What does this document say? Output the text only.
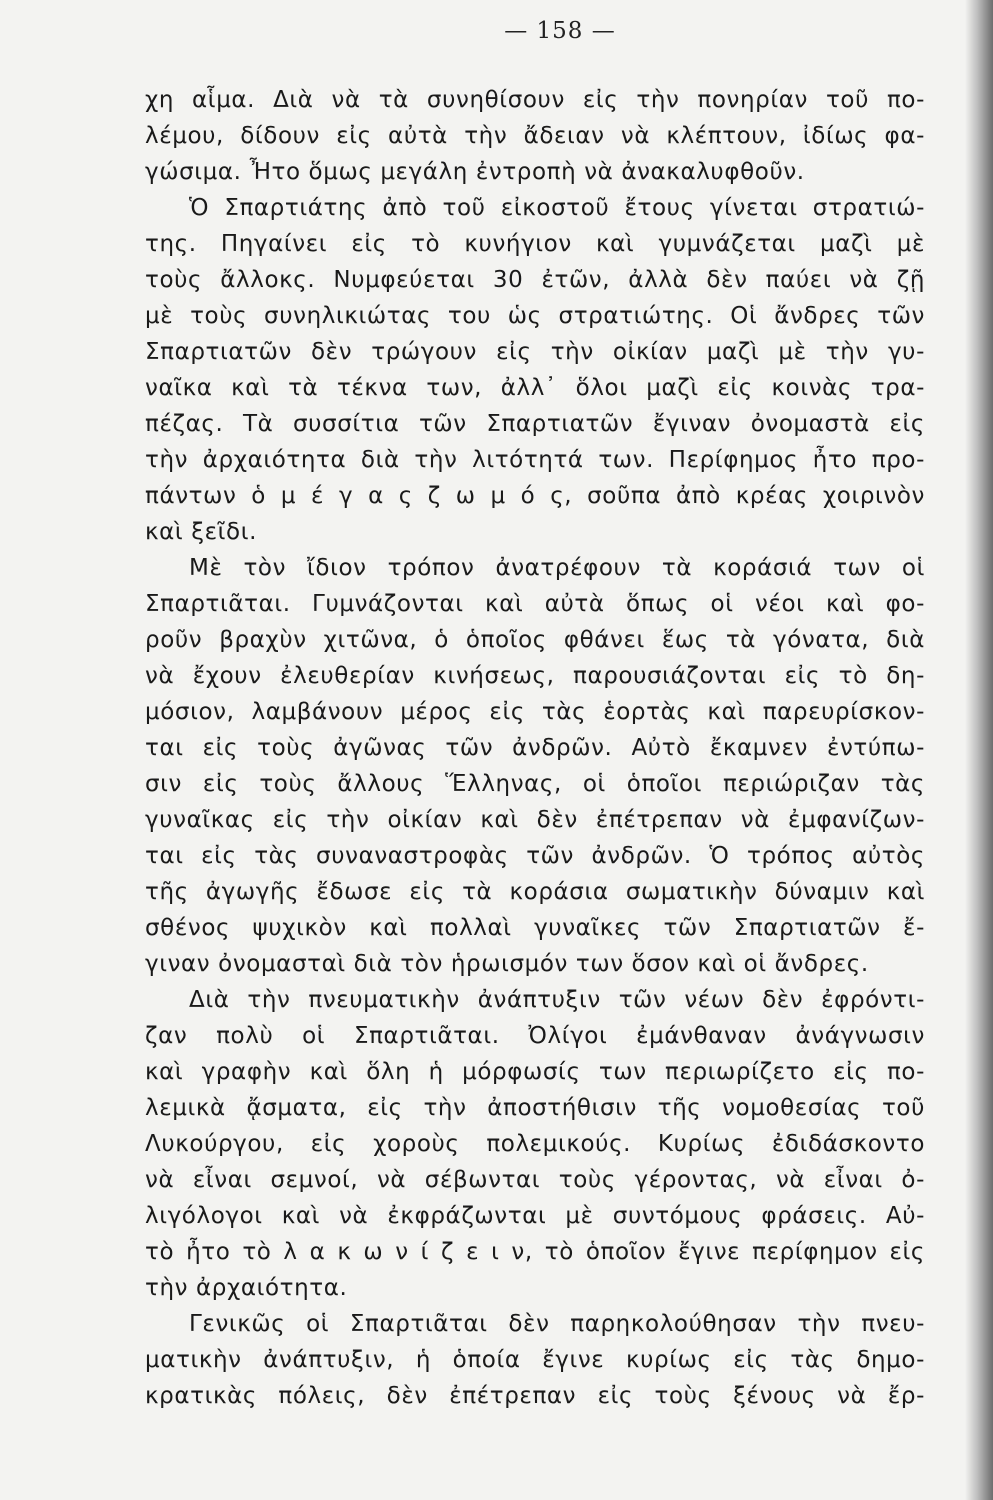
— 158 —
χη αἷμα. Διὰ νὰ τὰ συνηθίσουν εἰς τὴν πονηρίαν τοῦ πο-
λέμου, δίδουν εἰς αὐτὰ τὴν ἄδειαν νὰ κλέπτουν, ἰδίως φα-
γώσιμα. Ἦτο ὅμως μεγάλη ἐντροπὴ νὰ ἀνακαλυφθοῦν.
Ὁ Σπαρτιάτης ἀπὸ τοῦ εἰκοστοῦ ἔτους γίνεται στρατιώ-
της. Πηγαίνει εἰς τὸ κυνήγιον καὶ γυμνάζεται μαζὶ μὲ
τοὺς ἄλλοκς. Νυμφεύεται 30 ἐτῶν, ἀλλὰ δὲν παύει νὰ ζῇ
μὲ τοὺς συνηλικιώτας του ὡς στρατιώτης. Οἱ ἄνδρες τῶν
Σπαρτιατῶν δὲν τρώγουν εἰς τὴν οἰκίαν μαζὶ μὲ τὴν γυ-
ναῖκα καὶ τὰ τέκνα των, ἀλλ᾽ ὅλοι μαζὶ εἰς κοινὰς τρα-
πέζας. Τὰ συσσίτια τῶν Σπαρτιατῶν ἔγιναν ὀνομαστὰ εἰς
τὴν ἀρχαιότητα διὰ τὴν λιτότητά των. Περίφημος ἦτο προ-
πάντων ὁ μ έ γ α ς ζ ω μ ό ς, σοῦπα ἀπὸ κρέας χοιρινὸν
καὶ ξεῖδι.
Μὲ τὸν ἴδιον τρόπον ἀνατρέφουν τὰ κοράσιά των οἱ
Σπαρτιᾶται. Γυμνάζονται καὶ αὐτὰ ὅπως οἱ νέοι καὶ φο-
ροῦν βραχὺν χιτῶνα, ὁ ὁποῖος φθάνει ἕως τὰ γόνατα, διὰ
νὰ ἔχουν ἐλευθερίαν κινήσεως, παρουσιάζονται εἰς τὸ δη-
μόσιον, λαμβάνουν μέρος εἰς τὰς ἑορτὰς καὶ παρευρίσκον-
ται εἰς τοὺς ἀγῶνας τῶν ἀνδρῶν. Αὐτὸ ἔκαμνεν ἐντύπω-
σιν εἰς τοὺς ἄλλους Ἕλληνας, οἱ ὁποῖοι περιώριζαν τὰς
γυναῖκας εἰς τὴν οἰκίαν καὶ δὲν ἐπέτρεπαν νὰ ἐμφανίζων-
ται εἰς τὰς συναναστροφὰς τῶν ἀνδρῶν. Ὁ τρόπος αὐτὸς
τῆς ἀγωγῆς ἔδωσε εἰς τὰ κοράσια σωματικὴν δύναμιν καὶ
σθένος ψυχικὸν καὶ πολλαὶ γυναῖκες τῶν Σπαρτιατῶν ἔ-
γιναν ὀνομασταὶ διὰ τὸν ἡρωισμόν των ὅσον καὶ οἱ ἄνδρες.
Διὰ τὴν πνευματικὴν ἀνάπτυξιν τῶν νέων δὲν ἐφρόντι-
ζαν πολὺ οἱ Σπαρτιᾶται. Ὀλίγοι ἐμάνθαναν ἀνάγνωσιν
καὶ γραφὴν καὶ ὅλη ἡ μόρφωσίς των περιωρίζετο εἰς πο-
λεμικὰ ᾄσματα, εἰς τὴν ἀποστήθισιν τῆς νομοθεσίας τοῦ
Λυκούργου, εἰς χοροὺς πολεμικούς. Κυρίως ἐδιδάσκοντο
νὰ εἶναι σεμνοί, νὰ σέβωνται τοὺς γέροντας, νὰ εἶναι ὀ-
λιγόλογοι καὶ νὰ ἐκφράζωνται μὲ συντόμους φράσεις. Αὐ-
τὸ ἦτο τὸ λ α κ ω ν ί ζ ε ι ν, τὸ ὁποῖον ἔγινε περίφημον εἰς
τὴν ἀρχαιότητα.
Γενικῶς οἱ Σπαρτιᾶται δὲν παρηκολούθησαν τὴν πνευ-
ματικὴν ἀνάπτυξιν, ἡ ὁποία ἔγινε κυρίως εἰς τὰς δημο-
κρατικὰς πόλεις, δὲν ἐπέτρεπαν εἰς τοὺς ξένους νὰ ἔρ-
